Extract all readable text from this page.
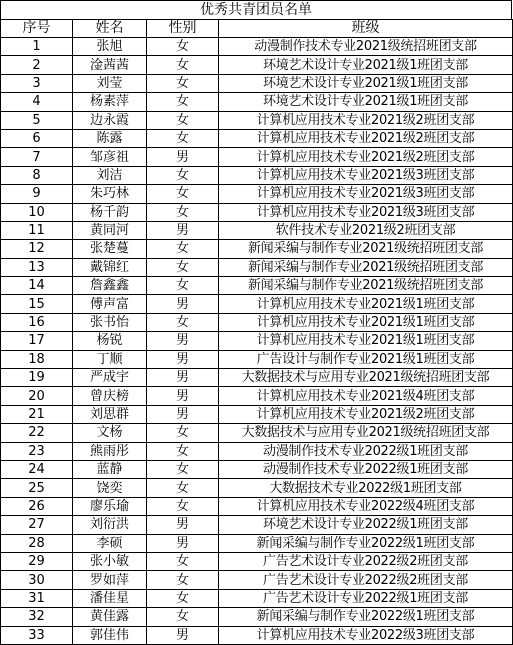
优秀共青团员名单
序号	姓名	性别	班级
1	张旭	女	动漫制作技术专业2021级统招班团支部
2	淦茜茜	女	环境艺术设计专业2021级1班团支部
3	刘莹	女	环境艺术设计专业2021级1班团支部
4	杨素萍	女	环境艺术设计专业2021级1班团支部
5	边永霞	女	计算机应用技术专业2021级2班团支部
6	陈露	女	计算机应用技术专业2021级2班团支部
7	邹彦祖	男	计算机应用技术专业2021级2班团支部
8	刘洁	女	计算机应用技术专业2021级3班团支部
9	朱巧林	女	计算机应用技术专业2021级3班团支部
10	杨千韵	女	计算机应用技术专业2021级3班团支部
11	黄同河	男	软件技术专业2021级2班团支部
12	张楚蔓	女	新闻采编与制作专业2021级统招班团支部
13	戴锦红	女	新闻采编与制作专业2021级统招班团支部
14	詹鑫鑫	女	新闻采编与制作专业2021级统招班团支部
15	傅声富	男	计算机应用技术专业2021级1班团支部
16	张书怡	女	计算机应用技术专业2021级1班团支部
17	杨锐	男	计算机应用技术专业2021级1班团支部
18	丁顺	男	广告设计与制作专业2021级1班团支部
19	严成宇	男	大数据技术与应用专业2021级统招班团支部
20	曾庆榜	男	计算机应用技术专业2021级4班团支部
21	刘思群	男	计算机应用技术专业2021级2班团支部
22	文杨	女	大数据技术与应用专业2021级统招班团支部
23	熊雨彤	女	动漫制作技术专业2022级1班团支部
24	蓝静	女	动漫制作技术专业2022级1班团支部
25	饶奕	女	大数据技术专业2022级1班团支部
26	廖乐瑜	女	计算机应用技术专业2022级4班团支部
27	刘衍洪	男	环境艺术设计专业2022级1班团支部
28	李硕	男	新闻采编与制作专业2022级1班团支部
29	张小敏	女	广告艺术设计专业2022级2班团支部
30	罗如萍	女	广告艺术设计专业2022级2班团支部
31	潘佳星	女	广告艺术设计专业2022级1班团支部
32	黄佳露	女	新闻采编与制作专业2022级1班团支部
33	郭佳伟	男	计算机应用技术专业2022级3班团支部
